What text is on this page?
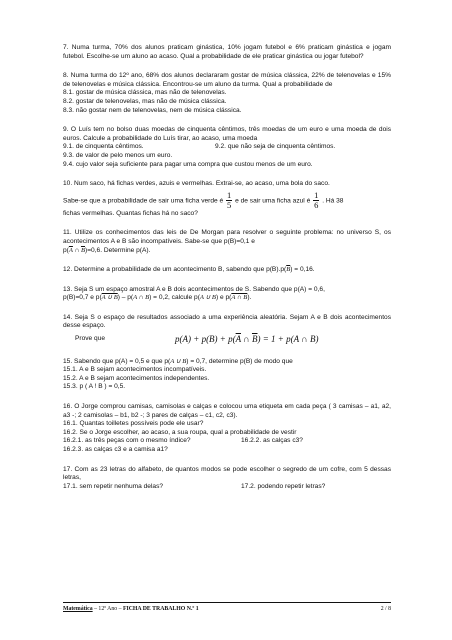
7. Numa turma, 70% dos alunos praticam ginástica, 10% jogam futebol e 6% praticam ginástica e jogam futebol. Escolhe-se um aluno ao acaso. Qual a probabilidade de ele praticar ginástica ou jogar futebol?

8. Numa turma do 12º ano, 68% dos alunos declararam gostar de música clássica, 22% de telenovelas e 15% de telenovelas e música clássica. Encontrou-se um aluno da turma. Qual a probabilidade de

8.1. gostar de música clássica, mas não de telenovelas.

8.2. gostar de telenovelas, mas não de música clássica.

8.3. não gostar nem de telenovelas, nem de música clássica.

9. O Luís tem no bolso duas moedas de cinquenta cêntimos, três moedas de um euro e uma moeda de dois euros. Calcule a probabilidade do Luís tirar, ao acaso, uma moeda

9.1. de cinquenta cêntimos.	9.2. que não seja de cinquenta cêntimos.

9.3. de valor de pelo menos um euro.

9.4. cujo valor seja suficiente para pagar uma compra que custou menos de um euro.

10. Num saco, há fichas verdes, azuis e vermelhas. Extrai-se, ao acaso, uma bola do saco.

Sabe-se que a probabilidade de sair uma ficha verde é $\frac{1}{5}$ e de sair uma ficha azul é $\frac{1}{6}$ . Há 38

fichas vermelhas. Quantas fichas há no saco?

11. Utilize os conhecimentos das leis de De Morgan para resolver o seguinte problema: no universo S, os acontecimentos A e B são incompatíveis. Sabe-se que p(B)=0,1 e

$p(\overline{A}$ ∩ $\overline{B})=0,6$. Determine p(A).

12. Determine a probabilidade de um acontecimento B, sabendo que $p(B).p(\overline{B}) = 0,16$.

13. Seja S um espaço amostral A e B dois acontecimentos de S. Sabendo que p(A) = 0,6,

p(B)=0,7 e p(A ∪ B) – p(A ∩ B) = 0,2, calcule p(A ∪ B) e p(A ∩ B).

14. Seja S o espaço de resultados associado a uma experiência aleatória. Sejam A e B dois acontecimentos desse espaço.

Prove que	$p(A) + p(B) + p(\overline{A}$ ∩ $\overline{B}) = 1 + p(A$ ∩ B)

15. Sabendo que p(A) = 0,5 e que p(A ∪ B) = 0,7, determine p(B) de modo que

15.1. A e B sejam acontecimentos incompatíveis.

15.2. A e B sejam acontecimentos independentes.

15.3. p ( A ! B ) = 0,5.

16. O Jorge comprou camisas, camisolas e calças e colocou uma etiqueta em cada peça ( 3 camisas – a1, a2, a3 -; 2 camisolas – b1, b2 -; 3 pares de calças – c1, c2, c3).

16.1. Quantas toilletes possíveis pode ele usar?

16.2. Se o Jorge escolher, ao acaso, a sua roupa, qual a probabilidade de vestir

16.2.1. as três peças com o mesmo índice?	16.2.2. as calças c3?

16.2.3. as calças c3 e a camisa a1?

17. Com as 23 letras do alfabeto, de quantos modos se pode escolher o segredo de um cofre, com 5 dessas letras,

17.1. sem repetir nenhuma delas?	17.2. podendo repetir letras?
Matemática – 12º Ano – FICHA DE TRABALHO N.º 1	2 / 8
